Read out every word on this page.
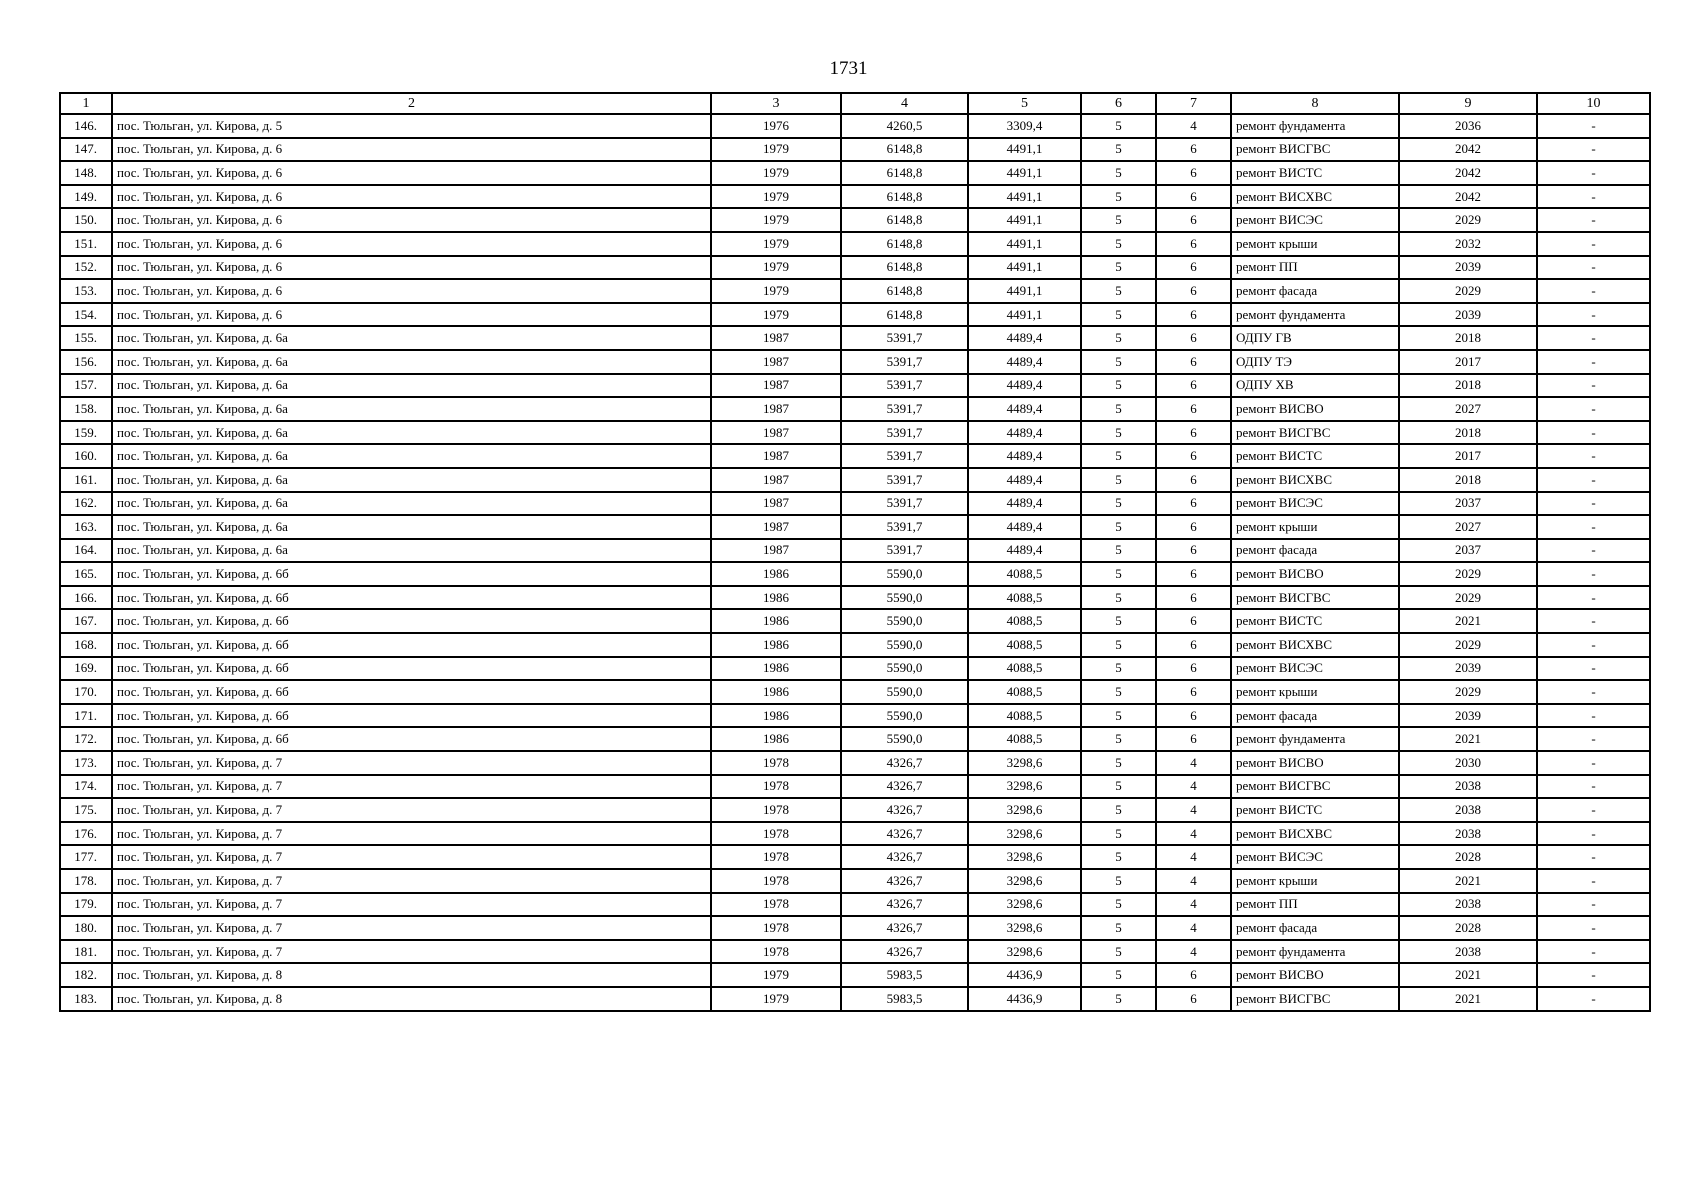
1731
1	2	3	4	5	6	7	8	9	10
146.	пос. Тюльган, ул. Кирова, д. 5	1976	4260,5	3309,4	5	4	ремонт фундамента	2036	-
147.	пос. Тюльган, ул. Кирова, д. 6	1979	6148,8	4491,1	5	6	ремонт ВИСГВС	2042	-
148.	пос. Тюльган, ул. Кирова, д. 6	1979	6148,8	4491,1	5	6	ремонт ВИСТС	2042	-
149.	пос. Тюльган, ул. Кирова, д. 6	1979	6148,8	4491,1	5	6	ремонт ВИСХВС	2042	-
150.	пос. Тюльган, ул. Кирова, д. 6	1979	6148,8	4491,1	5	6	ремонт ВИСЭС	2029	-
151.	пос. Тюльган, ул. Кирова, д. 6	1979	6148,8	4491,1	5	6	ремонт крыши	2032	-
152.	пос. Тюльган, ул. Кирова, д. 6	1979	6148,8	4491,1	5	6	ремонт ПП	2039	-
153.	пос. Тюльган, ул. Кирова, д. 6	1979	6148,8	4491,1	5	6	ремонт фасада	2029	-
154.	пос. Тюльган, ул. Кирова, д. 6	1979	6148,8	4491,1	5	6	ремонт фундамента	2039	-
155.	пос. Тюльган, ул. Кирова, д. 6а	1987	5391,7	4489,4	5	6	ОДПУ ГВ	2018	-
156.	пос. Тюльган, ул. Кирова, д. 6а	1987	5391,7	4489,4	5	6	ОДПУ ТЭ	2017	-
157.	пос. Тюльган, ул. Кирова, д. 6а	1987	5391,7	4489,4	5	6	ОДПУ ХВ	2018	-
158.	пос. Тюльган, ул. Кирова, д. 6а	1987	5391,7	4489,4	5	6	ремонт ВИСВО	2027	-
159.	пос. Тюльган, ул. Кирова, д. 6а	1987	5391,7	4489,4	5	6	ремонт ВИСГВС	2018	-
160.	пос. Тюльган, ул. Кирова, д. 6а	1987	5391,7	4489,4	5	6	ремонт ВИСТС	2017	-
161.	пос. Тюльган, ул. Кирова, д. 6а	1987	5391,7	4489,4	5	6	ремонт ВИСХВС	2018	-
162.	пос. Тюльган, ул. Кирова, д. 6а	1987	5391,7	4489,4	5	6	ремонт ВИСЭС	2037	-
163.	пос. Тюльган, ул. Кирова, д. 6а	1987	5391,7	4489,4	5	6	ремонт крыши	2027	-
164.	пос. Тюльган, ул. Кирова, д. 6а	1987	5391,7	4489,4	5	6	ремонт фасада	2037	-
165.	пос. Тюльган, ул. Кирова, д. 6б	1986	5590,0	4088,5	5	6	ремонт ВИСВО	2029	-
166.	пос. Тюльган, ул. Кирова, д. 6б	1986	5590,0	4088,5	5	6	ремонт ВИСГВС	2029	-
167.	пос. Тюльган, ул. Кирова, д. 6б	1986	5590,0	4088,5	5	6	ремонт ВИСТС	2021	-
168.	пос. Тюльган, ул. Кирова, д. 6б	1986	5590,0	4088,5	5	6	ремонт ВИСХВС	2029	-
169.	пос. Тюльган, ул. Кирова, д. 6б	1986	5590,0	4088,5	5	6	ремонт ВИСЭС	2039	-
170.	пос. Тюльган, ул. Кирова, д. 6б	1986	5590,0	4088,5	5	6	ремонт крыши	2029	-
171.	пос. Тюльган, ул. Кирова, д. 6б	1986	5590,0	4088,5	5	6	ремонт фасада	2039	-
172.	пос. Тюльган, ул. Кирова, д. 6б	1986	5590,0	4088,5	5	6	ремонт фундамента	2021	-
173.	пос. Тюльган, ул. Кирова, д. 7	1978	4326,7	3298,6	5	4	ремонт ВИСВО	2030	-
174.	пос. Тюльган, ул. Кирова, д. 7	1978	4326,7	3298,6	5	4	ремонт ВИСГВС	2038	-
175.	пос. Тюльган, ул. Кирова, д. 7	1978	4326,7	3298,6	5	4	ремонт ВИСТС	2038	-
176.	пос. Тюльган, ул. Кирова, д. 7	1978	4326,7	3298,6	5	4	ремонт ВИСХВС	2038	-
177.	пос. Тюльган, ул. Кирова, д. 7	1978	4326,7	3298,6	5	4	ремонт ВИСЭС	2028	-
178.	пос. Тюльган, ул. Кирова, д. 7	1978	4326,7	3298,6	5	4	ремонт крыши	2021	-
179.	пос. Тюльган, ул. Кирова, д. 7	1978	4326,7	3298,6	5	4	ремонт ПП	2038	-
180.	пос. Тюльган, ул. Кирова, д. 7	1978	4326,7	3298,6	5	4	ремонт фасада	2028	-
181.	пос. Тюльган, ул. Кирова, д. 7	1978	4326,7	3298,6	5	4	ремонт фундамента	2038	-
182.	пос. Тюльган, ул. Кирова, д. 8	1979	5983,5	4436,9	5	6	ремонт ВИСВО	2021	-
183.	пос. Тюльган, ул. Кирова, д. 8	1979	5983,5	4436,9	5	6	ремонт ВИСГВС	2021	-
